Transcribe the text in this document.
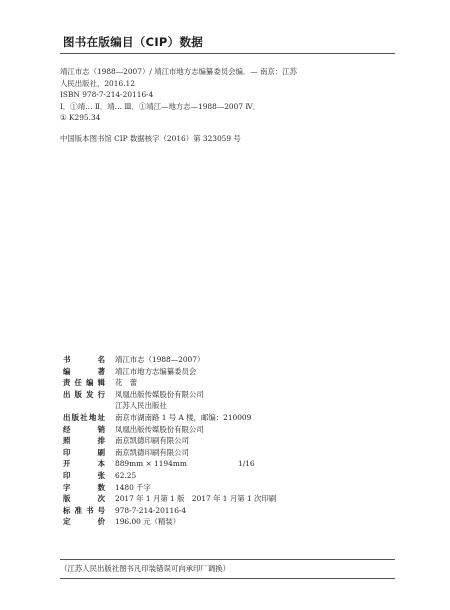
图书在版编目（CIP）数据
靖江市志（1988—2007）/ 靖江市地方志编纂委员会编．— 南京：江苏
人民出版社，2016.12
ISBN 978-7-214-20116-4
Ⅰ．①靖… Ⅱ．靖… Ⅲ．①靖江—地方志—1988—2007 Ⅳ．
① K295.34
中国版本图书馆 CIP 数据核字（2016）第 323059 号
书	名 靖江市志（1988—2007）
编	著 靖江市地方志编纂委员会
责 任 编 辑 花　蕾
出 版 发 行 凤凰出版传媒股份有限公司
江苏人民出版社
出 版 社 地 址 南京市湖南路 1 号 A 楼，邮编：210009
经	销 凤凰出版传媒股份有限公司
照	排 南京凯德印刷有限公司
印	刷 南京凯德印刷有限公司
开	本 889mm × 1194mm	1/16
印	张 62.25
字	数 1480 千字
版	次 2017 年 1 月第 1 版　2017 年 1 月第 1 次印刷
标 准 书 号 978-7-214-20116-4
定	价 196.00 元（精装）
（江苏人民出版社图书凡印装错误可向承印厂调换）
